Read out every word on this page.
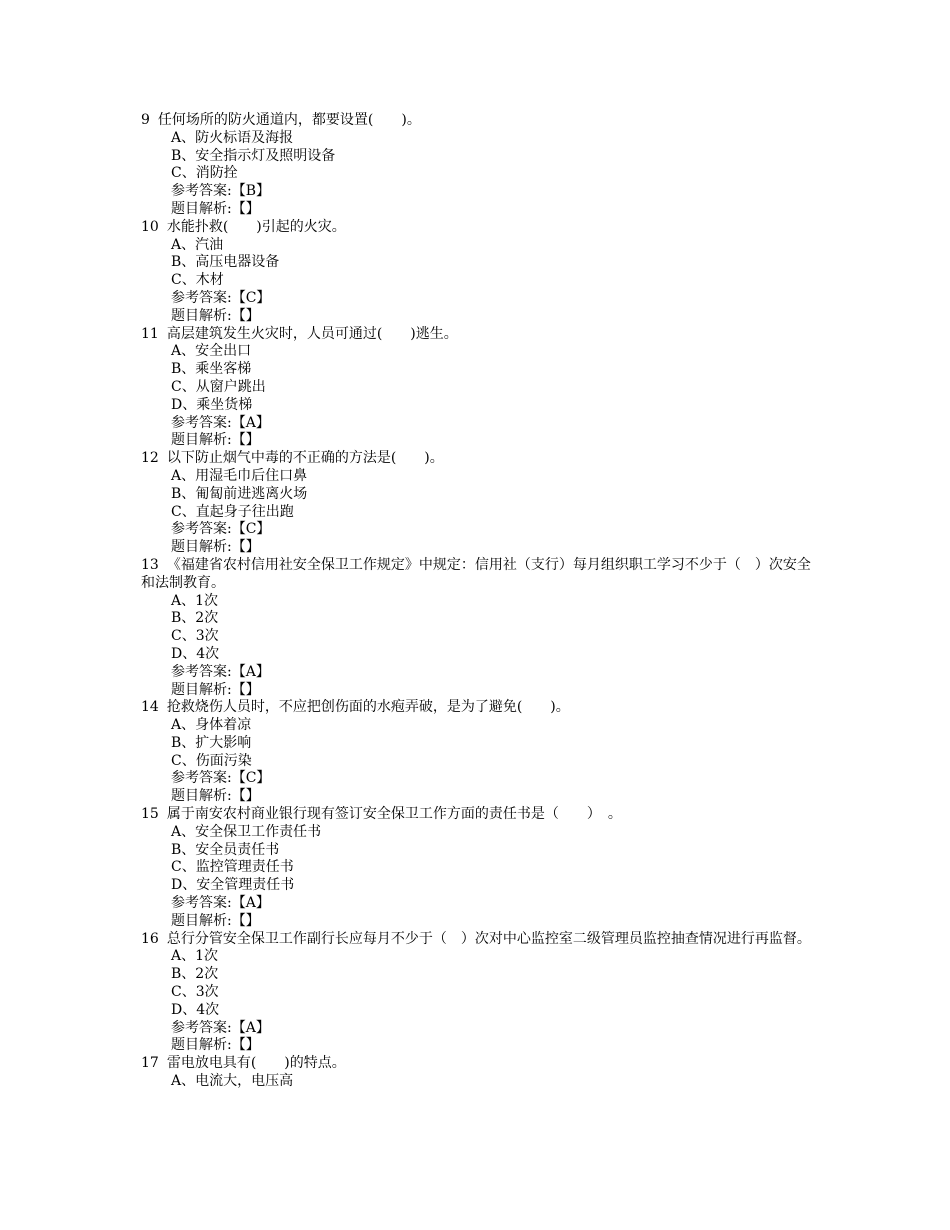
9 任何场所的防火通道内，都要设置(　　)。
A、防火标语及海报
B、安全指示灯及照明设备
C、消防拴
参考答案:【B】
题目解析:【】
10 水能扑救(　　)引起的火灾。
A、汽油
B、高压电器设备
C、木材
参考答案:【C】
题目解析:【】
11 高层建筑发生火灾时，人员可通过(　　)逃生。
A、安全出口
B、乘坐客梯
C、从窗户跳出
D、乘坐货梯
参考答案:【A】
题目解析:【】
12 以下防止烟气中毒的不正确的方法是(　　)。
A、用湿毛巾后住口鼻
B、匍匐前进逃离火场
C、直起身子往出跑
参考答案:【C】
题目解析:【】
13 《福建省农村信用社安全保卫工作规定》中规定：信用社（支行）每月组织职工学习不少于（　）次安全和法制教育。
A、1次
B、2次
C、3次
D、4次
参考答案:【A】
题目解析:【】
14 抢救烧伤人员时，不应把创伤面的水疱弄破，是为了避免(　　)。
A、身体着凉
B、扩大影响
C、伤面污染
参考答案:【C】
题目解析:【】
15 属于南安农村商业银行现有签订安全保卫工作方面的责任书是（　　）　。
A、安全保卫工作责任书
B、安全员责任书
C、监控管理责任书
D、安全管理责任书
参考答案:【A】
题目解析:【】
16 总行分管安全保卫工作副行长应每月不少于（　）次对中心监控室二级管理员监控抽查情况进行再监督。
A、1次
B、2次
C、3次
D、4次
参考答案:【A】
题目解析:【】
17 雷电放电具有(　　)的特点。
A、电流大，电压高
